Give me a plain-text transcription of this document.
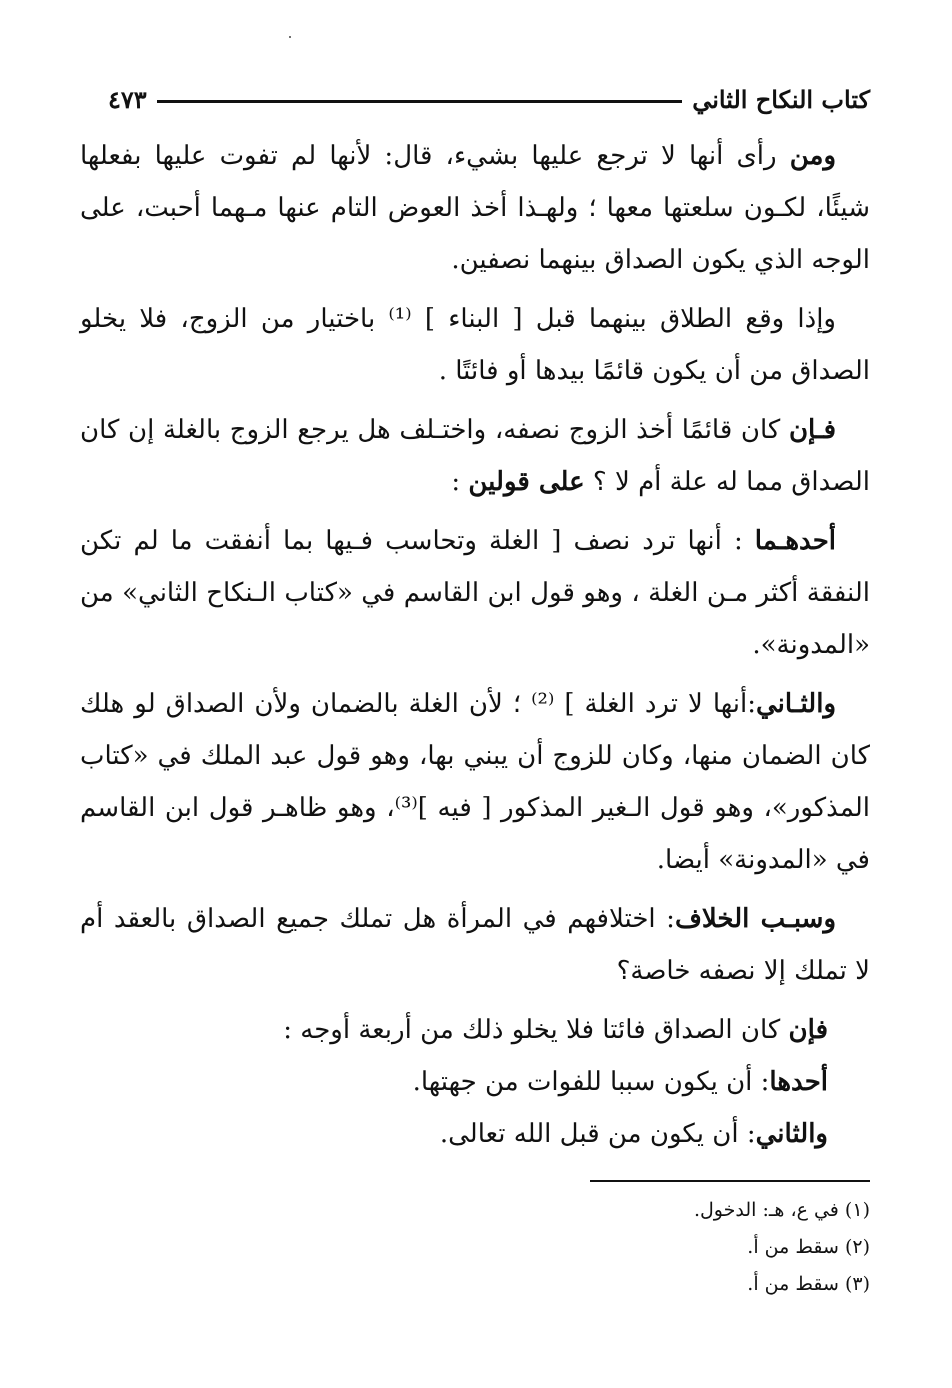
كتاب النكاح الثاني
٤٧٣

ومن رأى أنها لا ترجع عليها بشيء، قال: لأنها لم تفوت عليها بفعلها شيئًا، لكـون سلعتها معها ؛ ولهـذا أخذ العوض التام عنها مـهما أحبت، على الوجه الذي يكون الصداق بينهما نصفين.

وإذا وقع الطلاق بينهما قبل [ البناء ] ⁽¹⁾ باختيار من الزوج، فلا يخلو الصداق من أن يكون قائمًا بيدها أو فائتًا .

فـإن كان قائمًا أخذ الزوج نصفه، واختـلف هل يرجع الزوج بالغلة إن كان الصداق مما له علة أم لا ؟ على قولين :

أحدهـما : أنها ترد نصف [ الغلة وتحاسب فـيها بما أنفقت ما لم تكن النفقة أكثر مـن الغلة ، وهو قول ابن القاسم في «كتاب الـنكاح الثاني» من «المدونة».

والثـاني:أنها لا ترد الغلة ] ⁽²⁾ ؛ لأن الغلة بالضمان ولأن الصداق لو هلك كان الضمان منها، وكان للزوج أن يبني بها، وهو قول عبد الملك في «كتاب المذكور»، وهو قول الـغير المذكور [ فيه ]⁽³⁾، وهو ظاهـر قول ابن القاسم في «المدونة» أيضا.

وسبـب الخلاف: اختلافهم في المرأة هل تملك جميع الصداق بالعقد أم لا تملك إلا نصفه خاصة؟

فإن كان الصداق فائتا فلا يخلو ذلك من أربعة أوجه :

أحدها: أن يكون سببا للفوات من جهتها.

والثاني: أن يكون من قبل الله تعالى.

(١) في ع، هـ: الدخول.

(٢) سقط من أ.

(٣) سقط من أ.
